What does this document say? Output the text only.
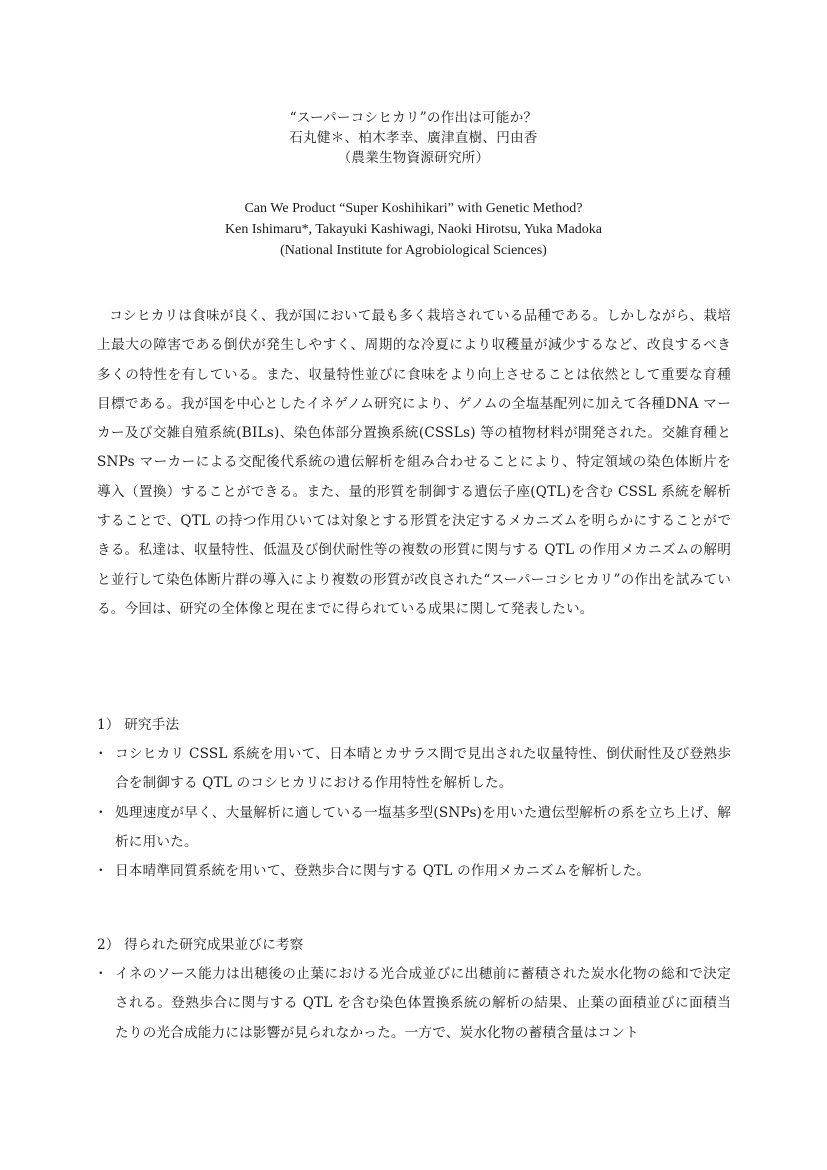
“スーパーコシヒカリ”の作出は可能か？
石丸健＊、柏木孝幸、廣津直樹、円由香
（農業生物資源研究所）
Can We Product “Super Koshihikari” with Genetic Method?
Ken Ishimaru*, Takayuki Kashiwagi, Naoki Hirotsu, Yuka Madoka
(National Institute for Agrobiological Sciences)

コシヒカリは食味が良く、我が国において最も多く栽培されている品種である。しかしながら、栽培上最大の障害である倒伏が発生しやすく、周期的な冷夏により収穫量が減少するなど、改良するべき多くの特性を有している。また、収量特性並びに食味をより向上させることは依然として重要な育種目標である。我が国を中心としたイネゲノム研究により、ゲノムの全塩基配列に加えて各種DNA マーカー及び交雑自殖系統(BILs)、染色体部分置換系統(CSSLs) 等の植物材料が開発された。交雑育種と SNPs マーカーによる交配後代系統の遺伝解析を組み合わせることにより、特定領域の染色体断片を導入（置換）することができる。また、量的形質を制御する遺伝子座(QTL)を含む CSSL 系統を解析することで、QTL の持つ作用ひいては対象とする形質を決定するメカニズムを明らかにすることができる。私達は、収量特性、低温及び倒伏耐性等の複数の形質に関与する QTL の作用メカニズムの解明と並行して染色体断片群の導入により複数の形質が改良された“スーパーコシヒカリ”の作出を試みている。今回は、研究の全体像と現在までに得られている成果に関して発表したい。

1） 研究手法
・ コシヒカリ CSSL 系統を用いて、日本晴とカサラス間で見出された収量特性、倒伏耐性及び登熟歩合を制御する QTL のコシヒカリにおける作用特性を解析した。
・ 処理速度が早く、大量解析に適している一塩基多型(SNPs)を用いた遺伝型解析の系を立ち上げ、解析に用いた。
・ 日本晴準同質系統を用いて、登熟歩合に関与する QTL の作用メカニズムを解析した。
2） 得られた研究成果並びに考察
・ イネのソース能力は出穂後の止葉における光合成並びに出穂前に蓄積された炭水化物の総和で決定される。登熟歩合に関与する QTL を含む染色体置換系統の解析の結果、止葉の面積並びに面積当たりの光合成能力には影響が見られなかった。一方で、炭水化物の蓄積含量はコント
